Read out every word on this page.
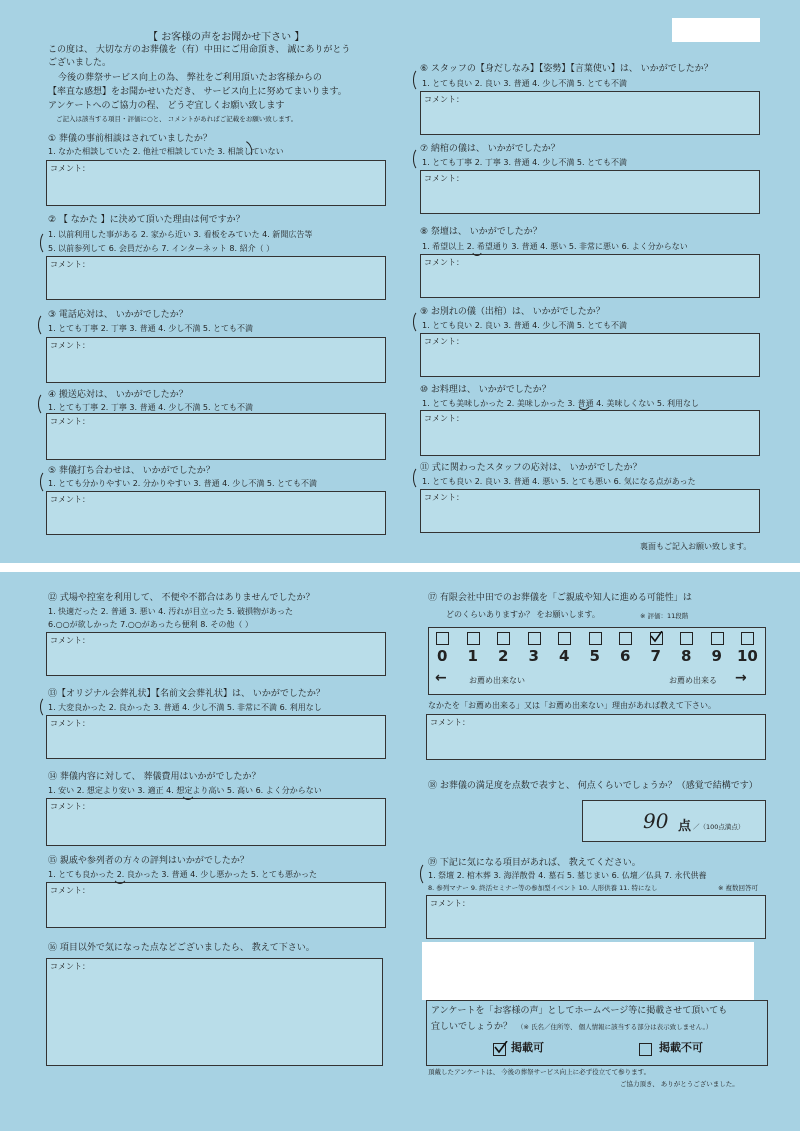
【 お客様の声をお聞かせ下さい 】
この度は、 大切な方のお葬儀を（有）中田にご用命頂き、 誠にありがとう
ございました。
今後の葬祭サービス向上の為、 弊社をご利用頂いたお客様からの
【率直な感想】をお聞かせいただき、 サービス向上に努めてまいります。
アンケートへのご協力の程、 どうぞ宜しくお願い致します
ご記入は該当する項目・評価に○と、 コメントがあればご記載をお願い致します。
① 葬儀の事前相談はされていましたか？
1. なかた相談していた 2. 他社で相談していた 3. 相談していない
コメント：
② 【 なかた 】に決めて頂いた理由は何ですか？
1. 以前利用した事がある 2. 家から近い 3. 看板をみていた 4. 新聞広告等
5. 以前参列して 6. 会員だから 7. インターネット 8. 紹介（ ）
コメント：
③ 電話応対は、 いかがでしたか？
1. とても丁寧 2. 丁寧 3. 普通 4. 少し不満 5. とても不満
コメント：
④ 搬送応対は、 いかがでしたか？
1. とても丁寧 2. 丁寧 3. 普通 4. 少し不満 5. とても不満
コメント：
⑤ 葬儀打ち合わせは、 いかがでしたか？
1. とても分かりやすい 2. 分かりやすい 3. 普通 4. 少し不満 5. とても不満
コメント：
⑥ スタッフの【身だしなみ】【姿勢】【言葉使い】は、 いかがでしたか？
1. とても良い 2. 良い 3. 普通 4. 少し不満 5. とても不満
コメント：
⑦ 納棺の儀は、 いかがでしたか？
1. とても丁寧 2. 丁寧 3. 普通 4. 少し不満 5. とても不満
コメント：
⑧ 祭壇は、 いかがでしたか？
1. 希望以上 2. 希望通り 3. 普通 4. 悪い 5. 非常に悪い 6. よく分からない
コメント：
⑨ お別れの儀（出棺）は、 いかがでしたか？
1. とても良い 2. 良い 3. 普通 4. 少し不満 5. とても不満
コメント：
⑩ お料理は、 いかがでしたか？
1. とても美味しかった 2. 美味しかった 3. 普通 4. 美味しくない 5. 利用なし
コメント：
⑪ 式に関わったスタッフの応対は、 いかがでしたか？
1. とても良い 2. 良い 3. 普通 4. 悪い 5. とても悪い 6. 気になる点があった
コメント：
裏面もご記入お願い致します。
⑫ 式場や控室を利用して、 不便や不都合はありませんでしたか？
1. 快適だった 2. 普通 3. 悪い 4. 汚れが目立った 5. 破損物があった
6.○○が欲しかった 7.○○があったら便利 8. その他（ ）
コメント：
⑬【オリジナル会葬礼状】【名前文会葬礼状】は、 いかがでしたか？
1. 大変良かった 2. 良かった 3. 普通 4. 少し不満 5. 非常に不満 6. 利用なし
コメント：
⑭ 葬儀内容に対して、 葬儀費用はいかがでしたか？
1. 安い 2. 想定より安い 3. 適正 4. 想定より高い 5. 高い 6. よく分からない
コメント：
⑮ 親戚や参列者の方々の評判はいかがでしたか？
1. とても良かった 2. 良かった 3. 普通 4. 少し悪かった 5. とても悪かった
コメント：
⑯ 項目以外で気になった点などございましたら、 教えて下さい。
コメント：
⑰ 有限会社中田でのお葬儀を「ご親戚や知人に進める可能性」は
どのくらいありますか？ をお願いします。	※ 評価：11段階
0 1 2 3 4 5 6 7 8 9 10
←	お薦め出来ない	お薦め出来る →
なかたを「お薦め出来る」又は「お薦め出来ない」理由があれば教えて下さい。
コメント：
⑱ お葬儀の満足度を点数で表すと、 何点くらいでしょうか？（感覚で結構です）
90 点 ／（100点満点）
⑲ 下記に気になる項目があれば、 教えてください。
1. 祭壇 2. 棺木葬 3. 海洋散骨 4. 墓石 5. 墓じまい 6. 仏壇／仏具 7. 永代供養
8. 参列マナー 9. 終活セミナー等の参加型イベント 10. 人形供養 11. 特になし	※ 複数回答可
コメント：
アンケートを「お客様の声」としてホームページ等に掲載させて頂いても
宜しいでしょうか？ （※ 氏名／住所等、 個人情報に該当する部分は表示致しません。）
掲載可	掲載不可
頂戴したアンケートは、 今後の葬祭サービス向上に必ず役立てて参ります。
ご協力頂き、 ありがとうございました。
